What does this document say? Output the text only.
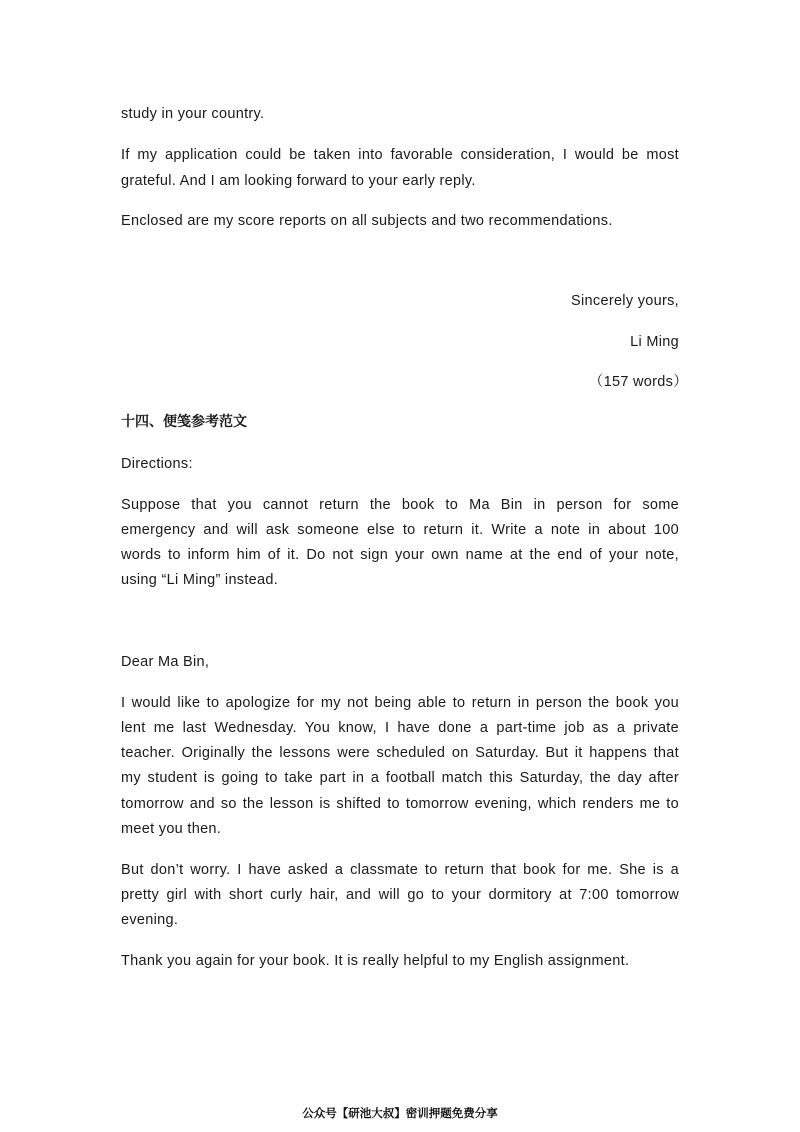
study in your country.
If my application could be taken into favorable consideration, I would be most
grateful. And I am looking forward to your early reply.
Enclosed are my score reports on all subjects and two recommendations.
Sincerely yours,
Li Ming
（157 words）
十四、便笺参考范文
Directions:
Suppose that you cannot return the book to Ma Bin in person for some
emergency and will ask someone else to return it. Write a note in about 100
words to inform him of it. Do not sign your own name at the end of your note,
using “Li Ming” instead.
Dear Ma Bin,
I would like to apologize for my not being able to return in person the book you
lent me last Wednesday. You know, I have done a part-time job as a private
teacher. Originally the lessons were scheduled on Saturday. But it happens that
my student is going to take part in a football match this Saturday, the day after
tomorrow and so the lesson is shifted to tomorrow evening, which renders me to
meet you then.
But don’t worry. I have asked a classmate to return that book for me. She is a
pretty girl with short curly hair, and will go to your dormitory at 7:00 tomorrow
evening.
Thank you again for your book. It is really helpful to my English assignment.
公众号【研池大叔】密训押题免费分享
